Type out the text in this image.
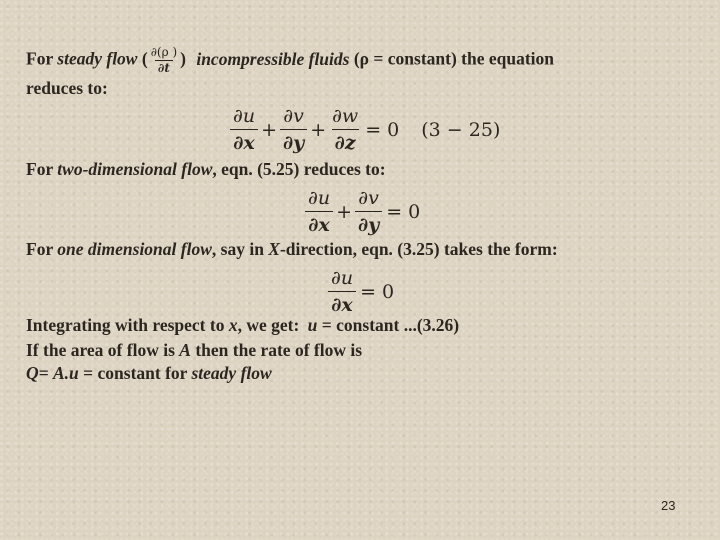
For steady flow ( $\frac{\partial(\rho )}{\partial t}$ ) incompressible fluids (ρ = constant) the equation
reduces to:
$\frac{\partial u}{\partial x} + \frac{\partial v}{\partial y} + \frac{\partial w}{\partial z} = 0$ (3 − 25)
For two-dimensional flow, eqn. (5.25) reduces to:
$\frac{\partial u}{\partial x} + \frac{\partial v}{\partial y} = 0$
For one dimensional flow, say in X-direction, eqn. (3.25) takes the form:
$\frac{\partial u}{\partial x} = 0$
Integrating with respect to x, we get: u = constant ...(3.26)
If the area of flow is A then the rate of flow is
Q= A.u = constant for steady flow
23
